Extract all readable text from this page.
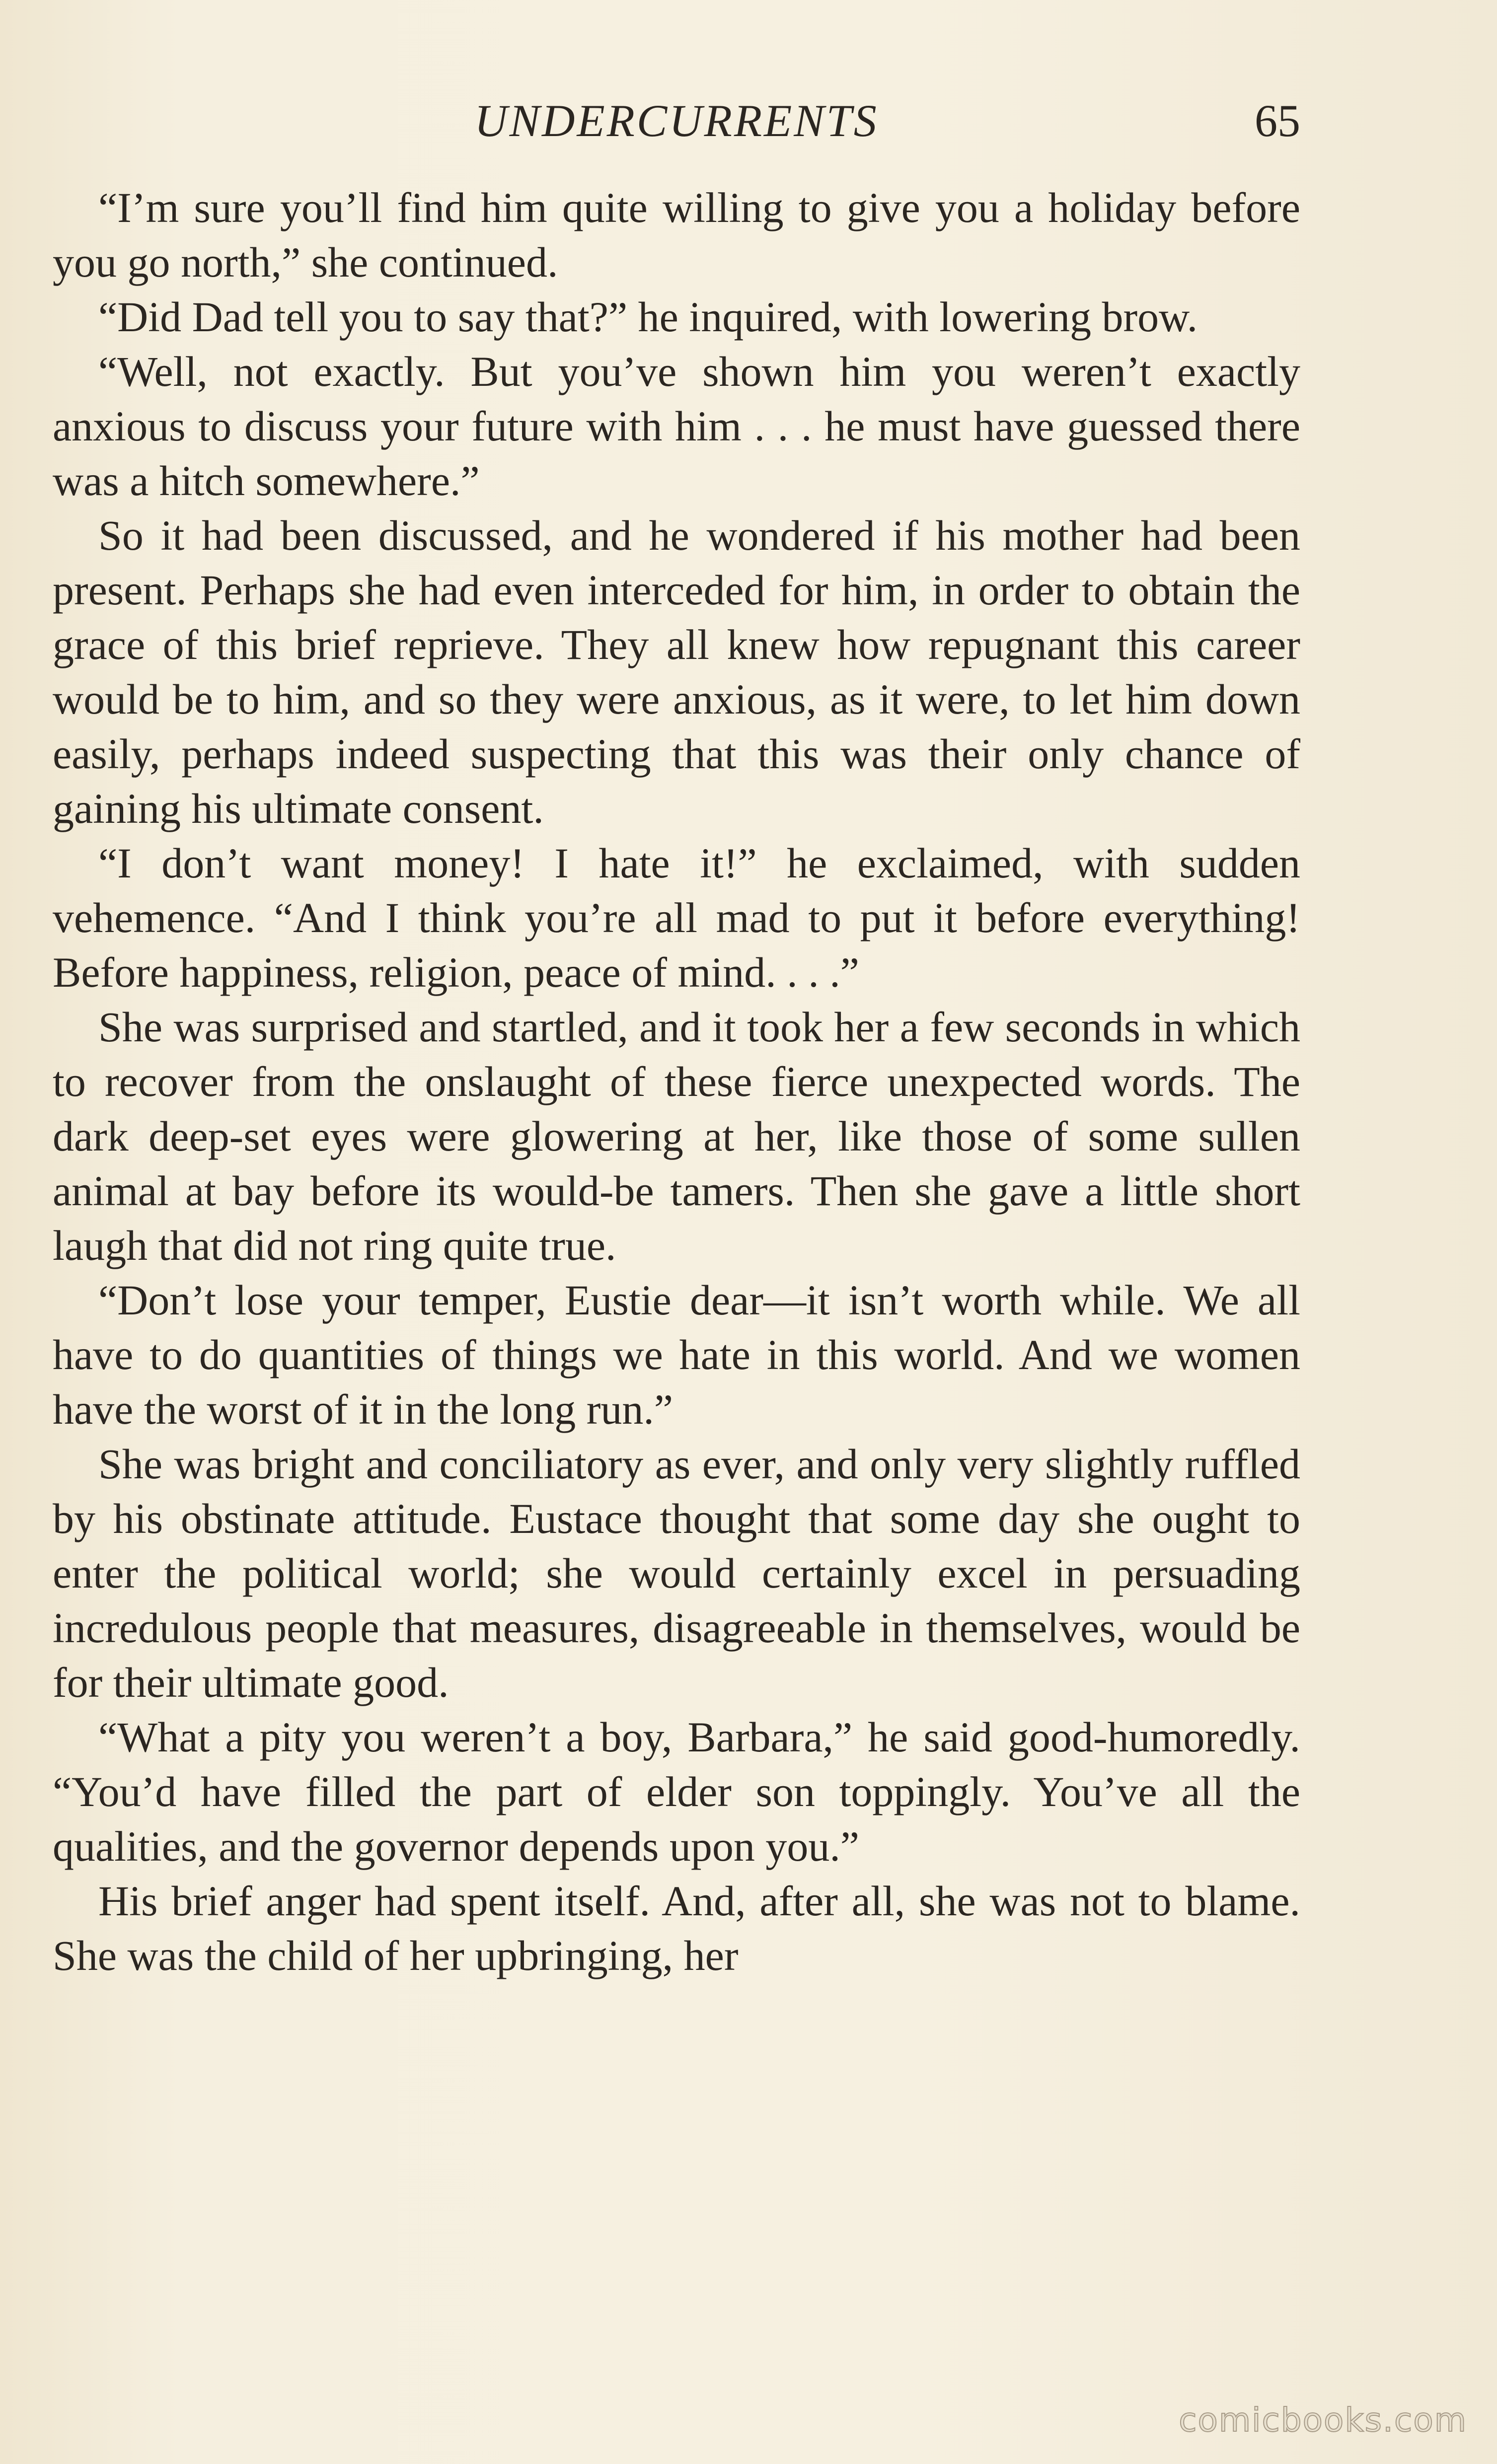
UNDERCURRENTS	65

“I’m sure you’ll find him quite willing to give you a holiday before you go north,” she continued.

“Did Dad tell you to say that?” he inquired, with lowering brow.

“Well, not exactly. But you’ve shown him you weren’t exactly anxious to discuss your future with him . . . he must have guessed there was a hitch somewhere.”

So it had been discussed, and he wondered if his mother had been present. Perhaps she had even interceded for him, in order to obtain the grace of this brief reprieve. They all knew how repugnant this career would be to him, and so they were anxious, as it were, to let him down easily, perhaps indeed suspecting that this was their only chance of gaining his ultimate consent.

“I don’t want money! I hate it!” he exclaimed, with sudden vehemence. “And I think you’re all mad to put it before everything! Before happiness, religion, peace of mind. . . .”

She was surprised and startled, and it took her a few seconds in which to recover from the onslaught of these fierce unexpected words. The dark deep-set eyes were glowering at her, like those of some sullen animal at bay before its would-be tamers. Then she gave a little short laugh that did not ring quite true.

“Don’t lose your temper, Eustie dear—it isn’t worth while. We all have to do quantities of things we hate in this world. And we women have the worst of it in the long run.”

She was bright and conciliatory as ever, and only very slightly ruffled by his obstinate attitude. Eustace thought that some day she ought to enter the political world; she would certainly excel in persuading incredulous people that measures, disagreeable in themselves, would be for their ultimate good.

“What a pity you weren’t a boy, Barbara,” he said good-humoredly. “You’d have filled the part of elder son toppingly. You’ve all the qualities, and the governor depends upon you.”

His brief anger had spent itself. And, after all, she was not to blame. She was the child of her upbringing, her

comicbooks.com
